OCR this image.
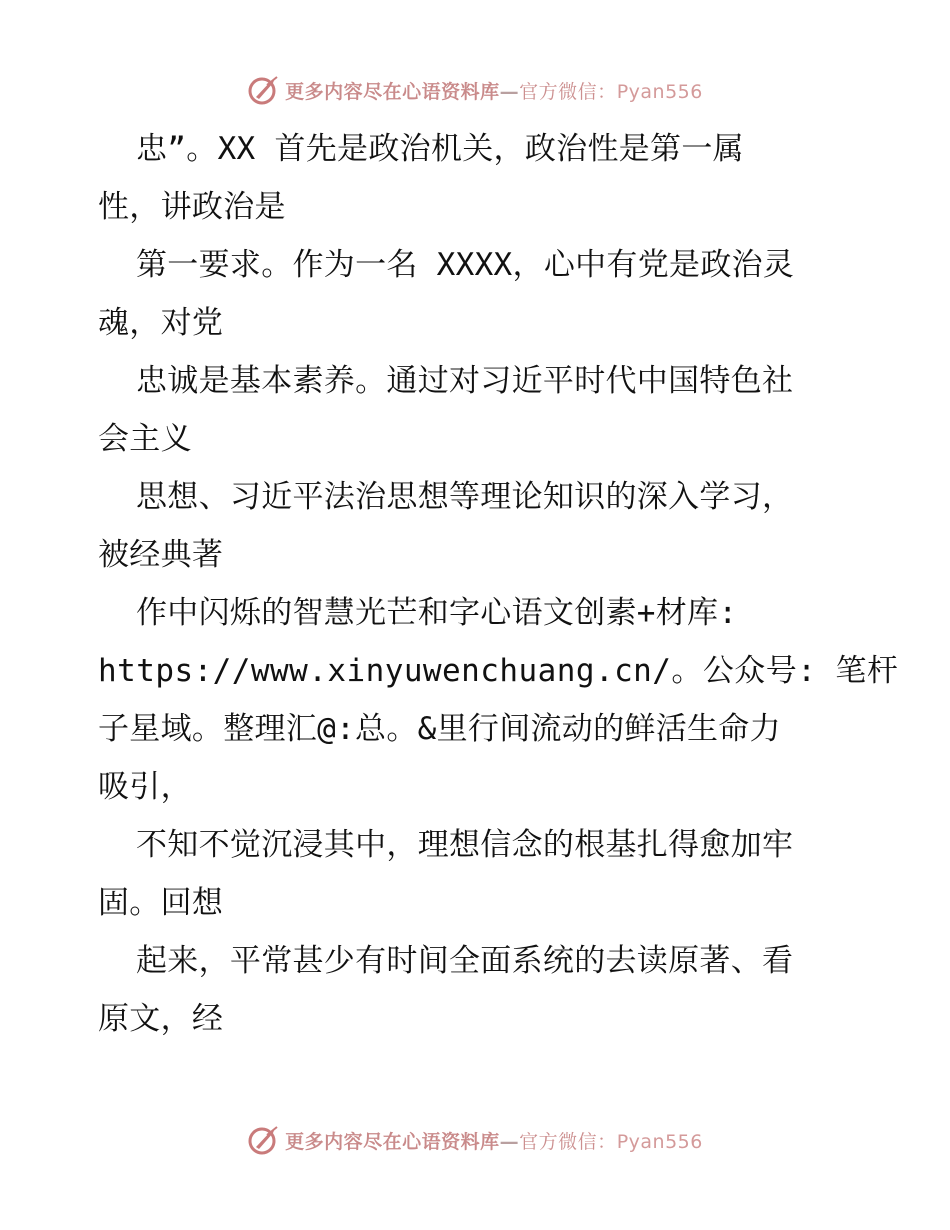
更多内容尽在心语资料库—官方微信：Pyan556
忠”。XX 首先是政治机关，政治性是第一属
性，讲政治是
第一要求。作为一名 XXXX，心中有党是政治灵
魂，对党
忠诚是基本素养。通过对习近平时代中国特色社
会主义
思想、习近平法治思想等理论知识的深入学习，
被经典著
作中闪烁的智慧光芒和字心语文创素+材库:
https://www.xinyuwenchuang.cn/。公众号: 笔杆
子星域。整理汇@:总。&里行间流动的鲜活生命力
吸引，
不知不觉沉浸其中，理想信念的根基扎得愈加牢
固。回想
起来，平常甚少有时间全面系统的去读原著、看
原文，经
更多内容尽在心语资料库—官方微信：Pyan556
